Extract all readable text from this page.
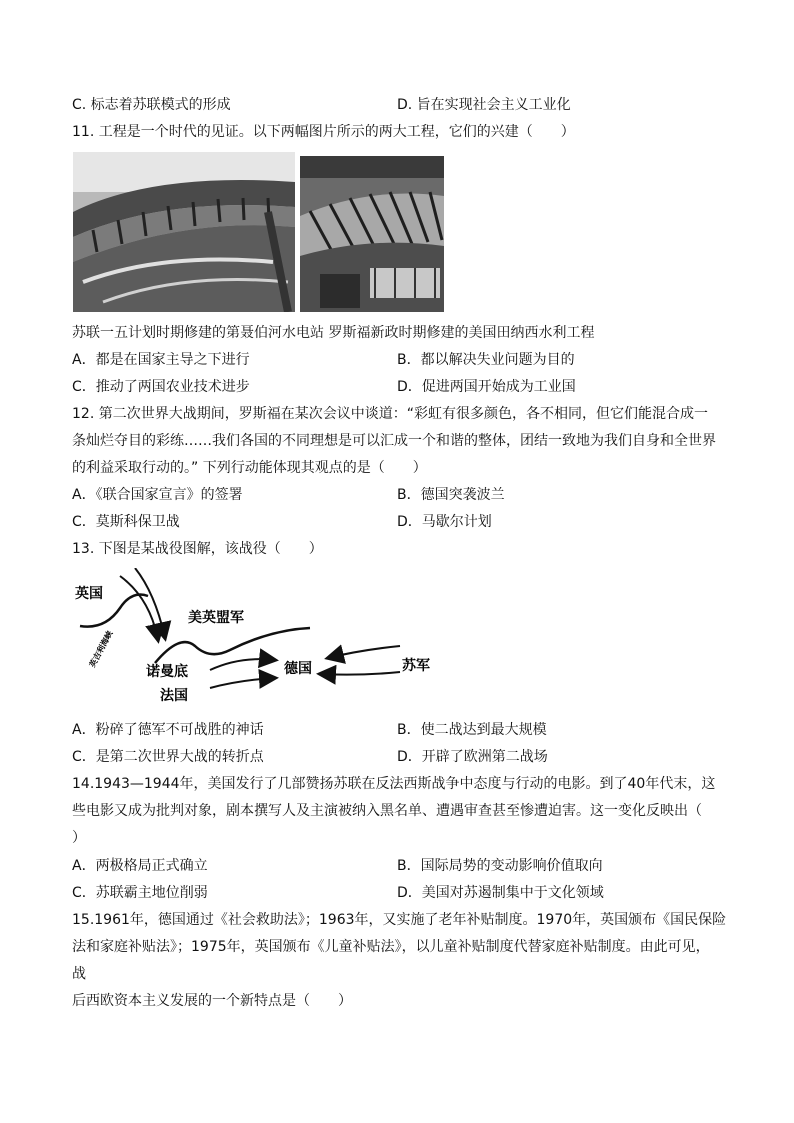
C. 标志着苏联模式的形成	D. 旨在实现社会主义工业化
11. 工程是一个时代的见证。以下两幅图片所示的两大工程，它们的兴建（　　）
苏联一五计划时期修建的第聂伯河水电站 罗斯福新政时期修建的美国田纳西水利工程
A．都是在国家主导之下进行	B．都以解决失业问题为目的
C．推动了两国农业技术进步	D．促进两国开始成为工业国
12. 第二次世界大战期间，罗斯福在某次会议中谈道：“彩虹有很多颜色，各不相同，但它们能混合成一
条灿烂夺目的彩练……我们各国的不同理想是可以汇成一个和谐的整体，团结一致地为我们自身和全世界
的利益采取行动的。” 下列行动能体现其观点的是（　　）
A．《联合国家宣言》的签署	B．德国突袭波兰
C．莫斯科保卫战	D．马歇尔计划
13. 下图是某战役图解，该战役（　　）
英国
美英盟军
诺曼底	德国	苏军
法国
英吉利海峡
A．粉碎了德军不可战胜的神话	B．使二战达到最大规模
C．是第二次世界大战的转折点	D．开辟了欧洲第二战场
14.1943—1944年，美国发行了几部赞扬苏联在反法西斯战争中态度与行动的电影。到了40年代末，这
些电影又成为批判对象，剧本撰写人及主演被纳入黑名单、遭遇审查甚至惨遭迫害。这一变化反映出（
）
A．两极格局正式确立	B．国际局势的变动影响价值取向
C．苏联霸主地位削弱	D．美国对苏遏制集中于文化领域
15.1961年，德国通过《社会救助法》；1963年，又实施了老年补贴制度。1970年，英国颁布《国民保险
法和家庭补贴法》；1975年，英国颁布《儿童补贴法》，以儿童补贴制度代替家庭补贴制度。由此可见，
战
后西欧资本主义发展的一个新特点是（　　）
